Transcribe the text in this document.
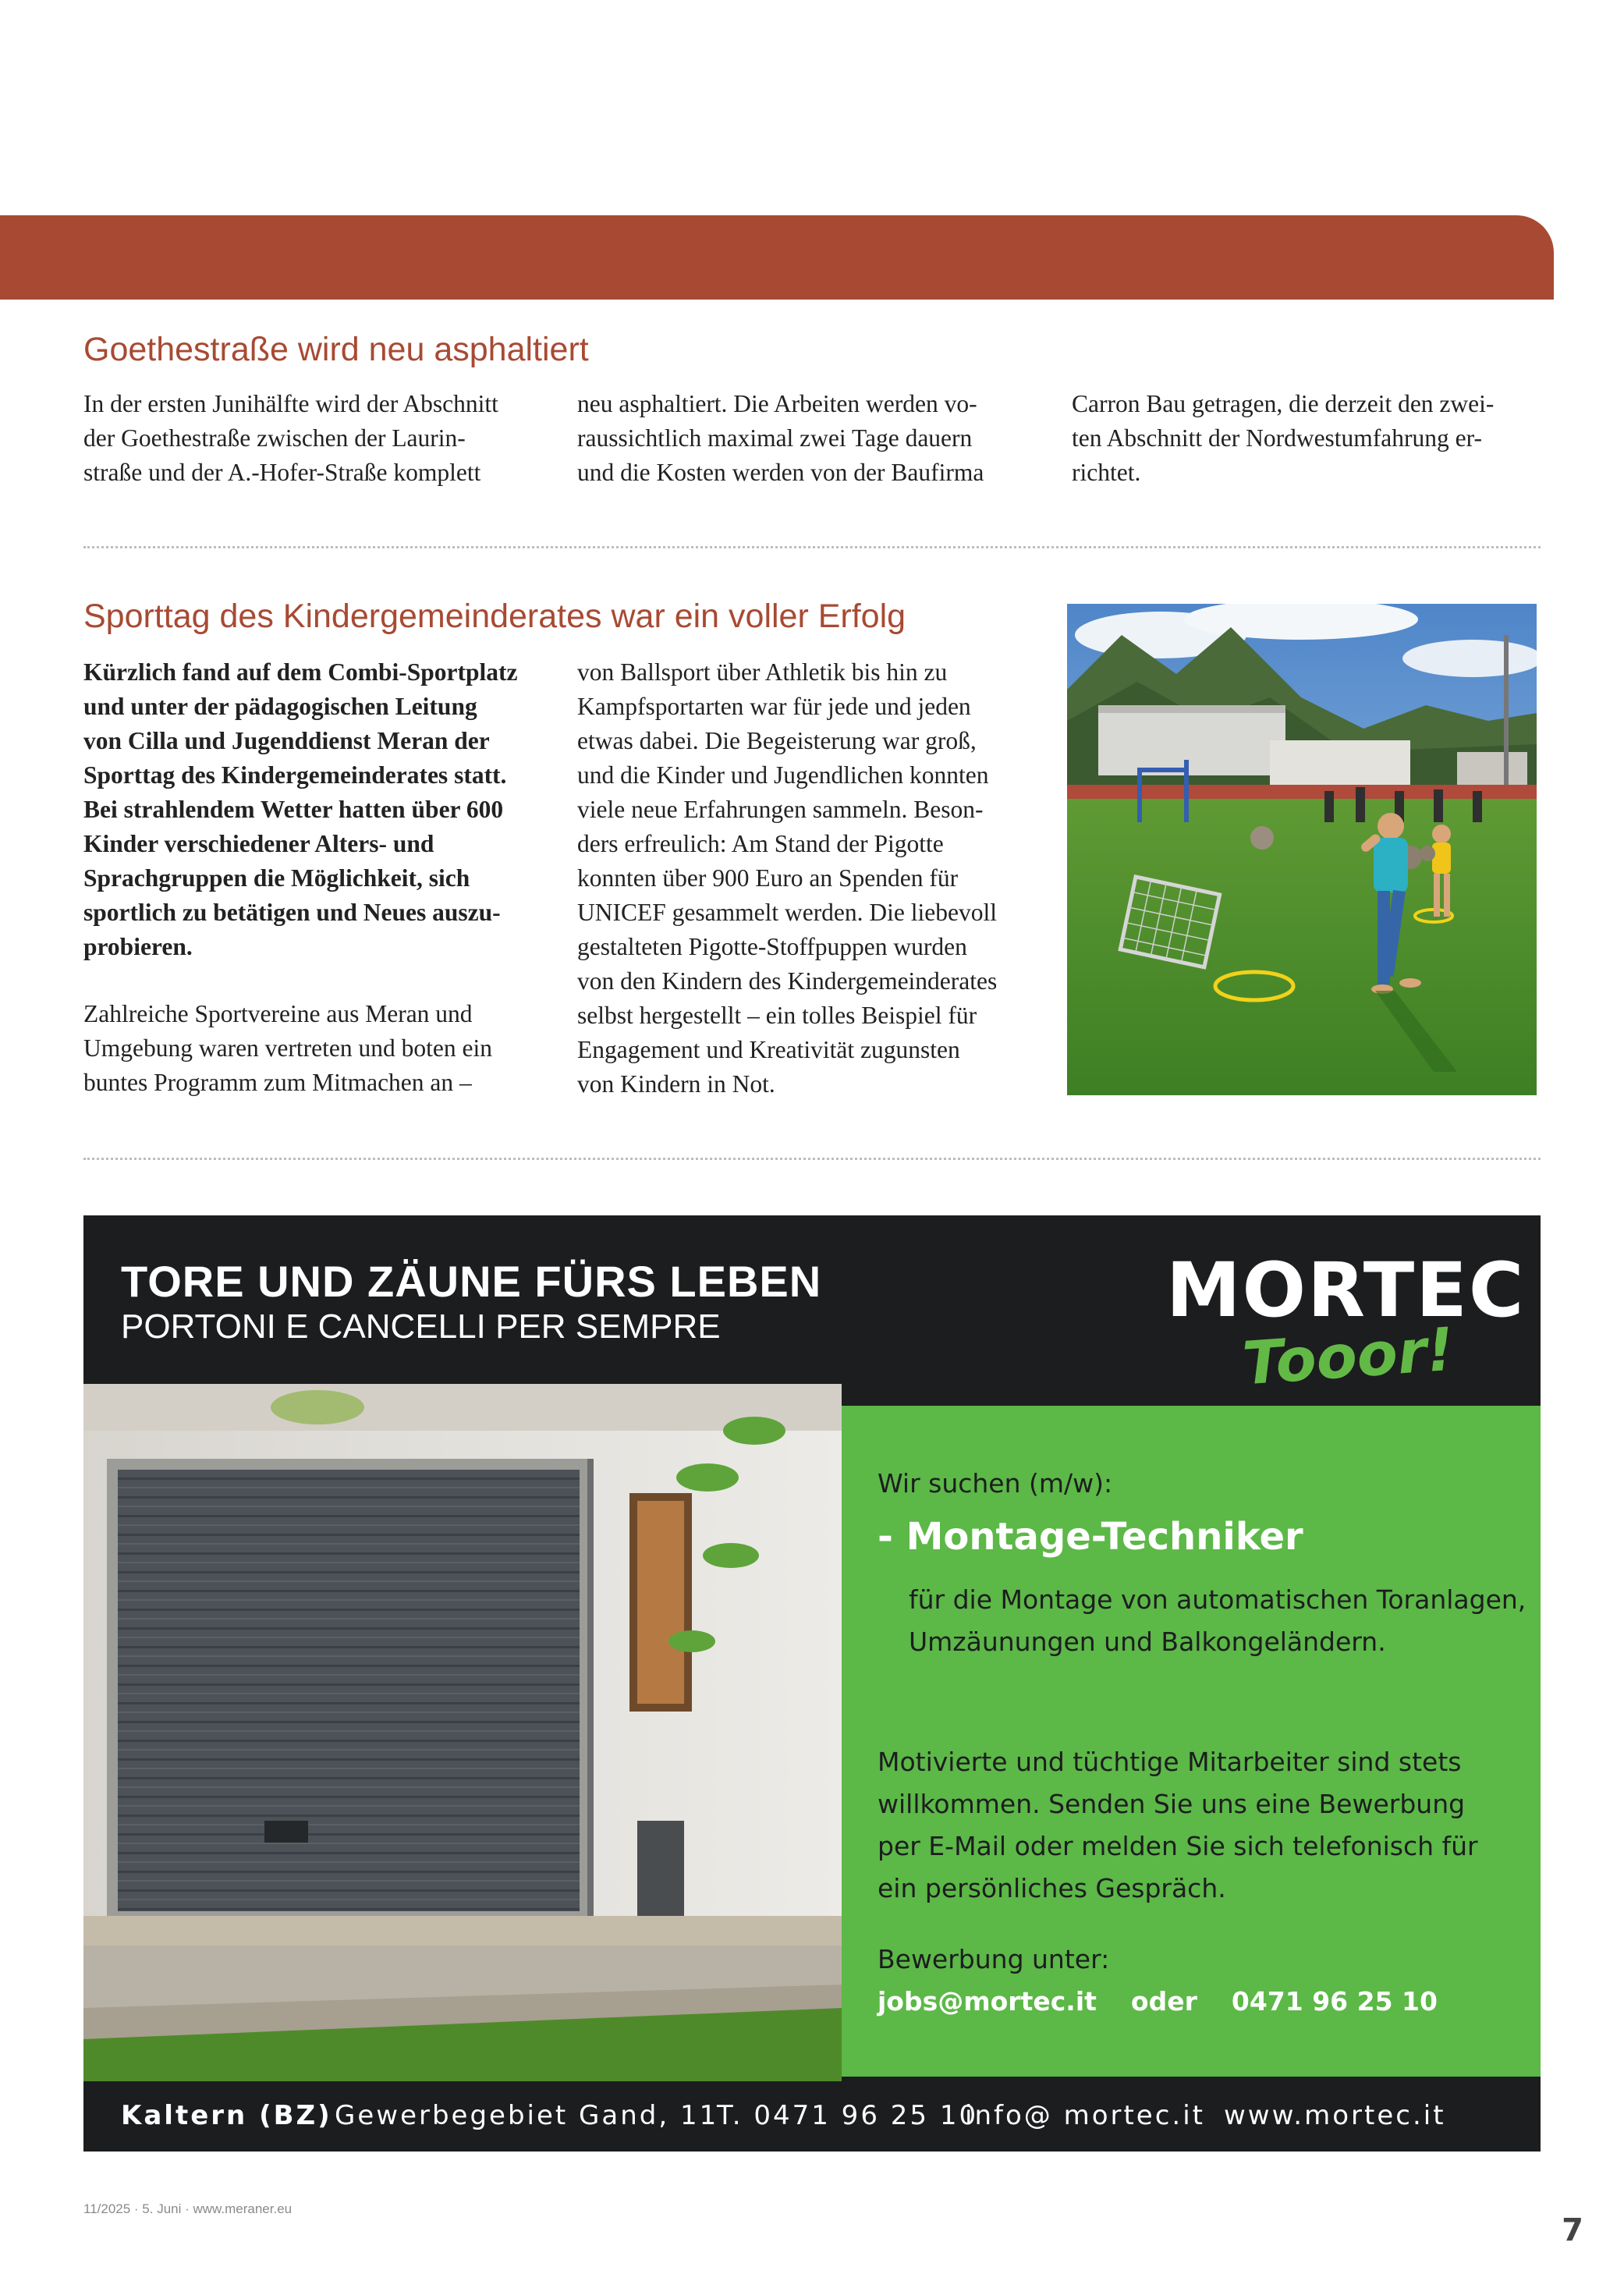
Goethestraße wird neu asphaltiert
In der ersten Junihälfte wird der Abschnitt
der Goethestraße zwischen der Laurin-
straße und der A.-Hofer-Straße komplett
neu asphaltiert. Die Arbeiten werden vo-
raussichtlich maximal zwei Tage dauern
und die Kosten werden von der Baufirma
Carron Bau getragen, die derzeit den zwei-
ten Abschnitt der Nordwestumfahrung er-
richtet.
Sporttag des Kindergemeinderates war ein voller Erfolg
Kürzlich fand auf dem Combi-Sportplatz
und unter der pädagogischen Leitung
von Cilla und Jugenddienst Meran der
Sporttag des Kindergemeinderates statt.
Bei strahlendem Wetter hatten über 600
Kinder verschiedener Alters- und
Sprachgruppen die Möglichkeit, sich
sportlich zu betätigen und Neues auszu-
probieren.
Zahlreiche Sportvereine aus Meran und
Umgebung waren vertreten und boten ein
buntes Programm zum Mitmachen an –
von Ballsport über Athletik bis hin zu
Kampfsportarten war für jede und jeden
etwas dabei. Die Begeisterung war groß,
und die Kinder und Jugendlichen konnten
viele neue Erfahrungen sammeln. Beson-
ders erfreulich: Am Stand der Pigotte
konnten über 900 Euro an Spenden für
UNICEF gesammelt werden. Die liebevoll
gestalteten Pigotte-Stoffpuppen wurden
von den Kindern des Kindergemeinderates
selbst hergestellt – ein tolles Beispiel für
Engagement und Kreativität zugunsten
von Kindern in Not.
TORE UND ZÄUNE FÜRS LEBEN
PORTONI E CANCELLI PER SEMPRE	MORTEC
Tooor!
Wir suchen (m/w):
- Montage-Techniker
für die Montage von automatischen Toranlagen,
Umzäunungen und Balkongeländern.
Motivierte und tüchtige Mitarbeiter sind stets
willkommen. Senden Sie uns eine Bewerbung
per E-Mail oder melden Sie sich telefonisch für
ein persönliches Gespräch.
Bewerbung unter:
jobs@mortec.it oder 0471 96 25 10
Kaltern (BZ) Gewerbegebiet Gand, 11
T. 0471 96 25 10
info@ mortec.it www.mortec.it
11/2025 · 5. Juni · www.meraner.eu
7
